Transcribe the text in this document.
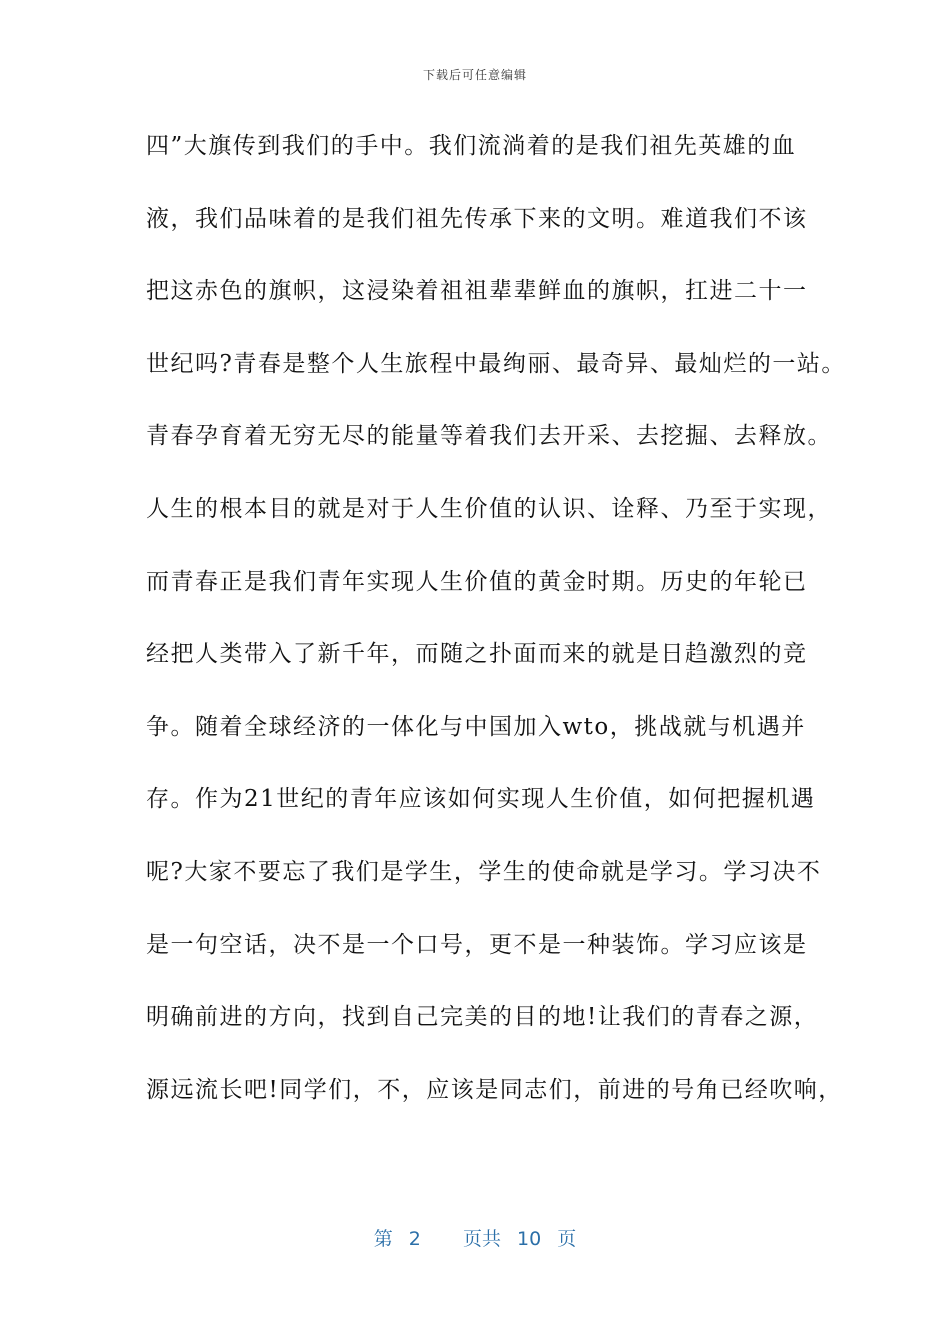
下载后可任意编辑
四”大旗传到我们的手中。我们流淌着的是我们祖先英雄的血
液，我们品味着的是我们祖先传承下来的文明。难道我们不该
把这赤色的旗帜，这浸染着祖祖辈辈鲜血的旗帜，扛进二十一
世纪吗?青春是整个人生旅程中最绚丽、最奇异、最灿烂的一站。
青春孕育着无穷无尽的能量等着我们去开采、去挖掘、去释放。
人生的根本目的就是对于人生价值的认识、诠释、乃至于实现，
而青春正是我们青年实现人生价值的黄金时期。历史的年轮已
经把人类带入了新千年，而随之扑面而来的就是日趋激烈的竞
争。随着全球经济的一体化与中国加入wto，挑战就与机遇并
存。作为21世纪的青年应该如何实现人生价值，如何把握机遇
呢?大家不要忘了我们是学生，学生的使命就是学习。学习决不
是一句空话，决不是一个口号，更不是一种装饰。学习应该是
明确前进的方向，找到自己完美的目的地!让我们的青春之源，
源远流长吧!同学们，不，应该是同志们，前进的号角已经吹响，
第 2 页共 10 页
